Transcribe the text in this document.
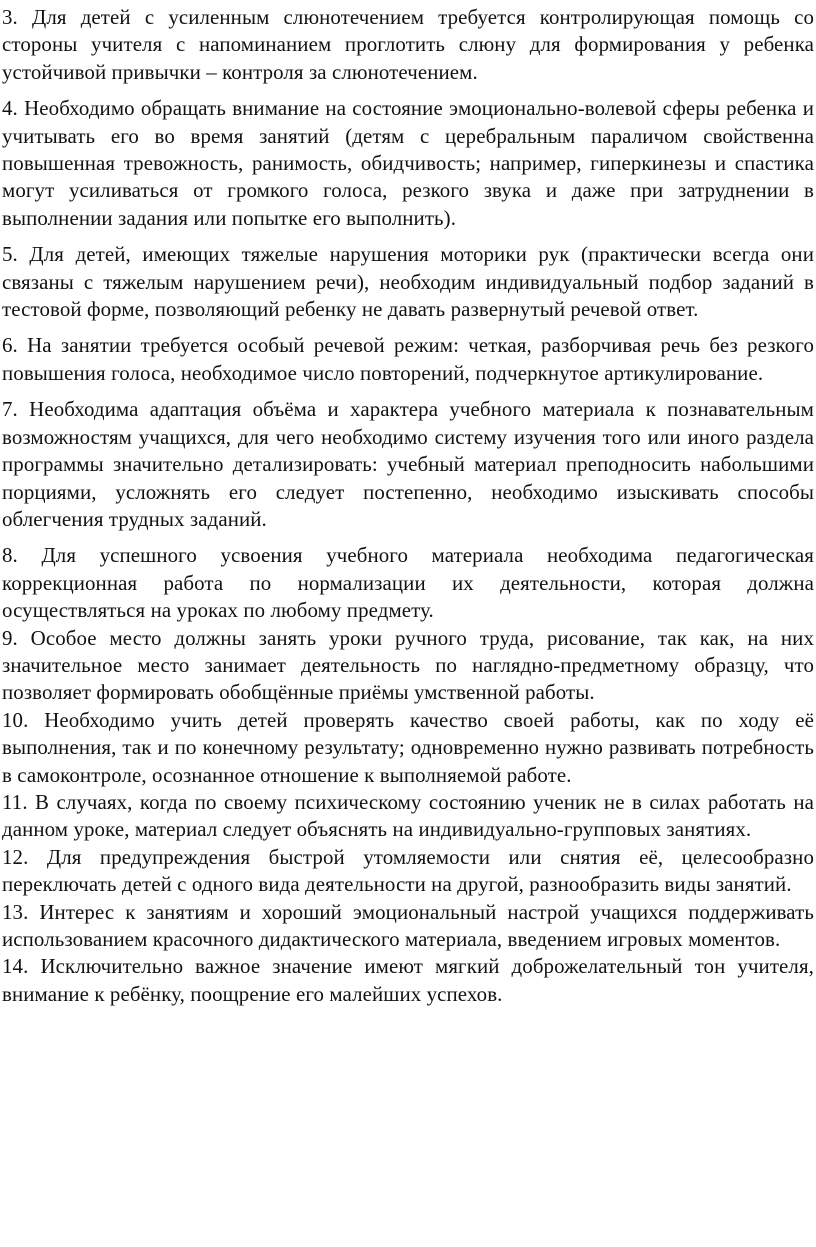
3. Для детей с усиленным слюнотечением требуется контролирующая помощь со стороны учителя с напоминанием проглотить слюну для формирования у ребенка устойчивой привычки – контроля за слюнотечением.

4. Необходимо обращать внимание на состояние эмоционально-волевой сферы ребенка и учитывать его во время занятий (детям с церебральным параличом свойственна повышенная тревожность, ранимость, обидчивость; например, гиперкинезы и спастика могут усиливаться от громкого голоса, резкого звука и даже при затруднении в выполнении задания или попытке его выполнить).

5. Для детей, имеющих тяжелые нарушения моторики рук (практически всегда они связаны с тяжелым нарушением речи), необходим индивидуальный подбор заданий в тестовой форме, позволяющий ребенку не давать развернутый речевой ответ.

6. На занятии требуется особый речевой режим: четкая, разборчивая речь без резкого повышения голоса, необходимое число повторений, подчеркнутое артикулирование.

7. Необходима адаптация объёма и характера учебного материала к познавательным возможностям учащихся, для чего необходимо систему изучения того или иного раздела программы значительно детализировать: учебный материал преподносить набольшими порциями, усложнять его следует постепенно, необходимо изыскивать способы облегчения трудных заданий.

8. Для успешного усвоения учебного материала необходима педагогическая коррекционная работа по нормализации их деятельности, которая должна осуществляться на уроках по любому предмету.

9. Особое место должны занять уроки ручного труда, рисование, так как, на них значительное место занимает деятельность по наглядно-предметному образцу, что позволяет формировать обобщённые приёмы умственной работы.

10. Необходимо учить детей проверять качество своей работы, как по ходу её выполнения, так и по конечному результату; одновременно нужно развивать потребность в самоконтроле, осознанное отношение к выполняемой работе.

11. В случаях, когда по своему психическому состоянию ученик не в силах работать на данном уроке, материал следует объяснять на индивидуально-групповых занятиях.

12. Для предупреждения быстрой утомляемости или снятия её, целесообразно переключать детей с одного вида деятельности на другой, разнообразить виды занятий.

13. Интерес к занятиям и хороший эмоциональный настрой учащихся поддерживать использованием красочного дидактического материала, введением игровых моментов.

14. Исключительно важное значение имеют мягкий доброжелательный тон учителя, внимание к ребёнку, поощрение его малейших успехов.
